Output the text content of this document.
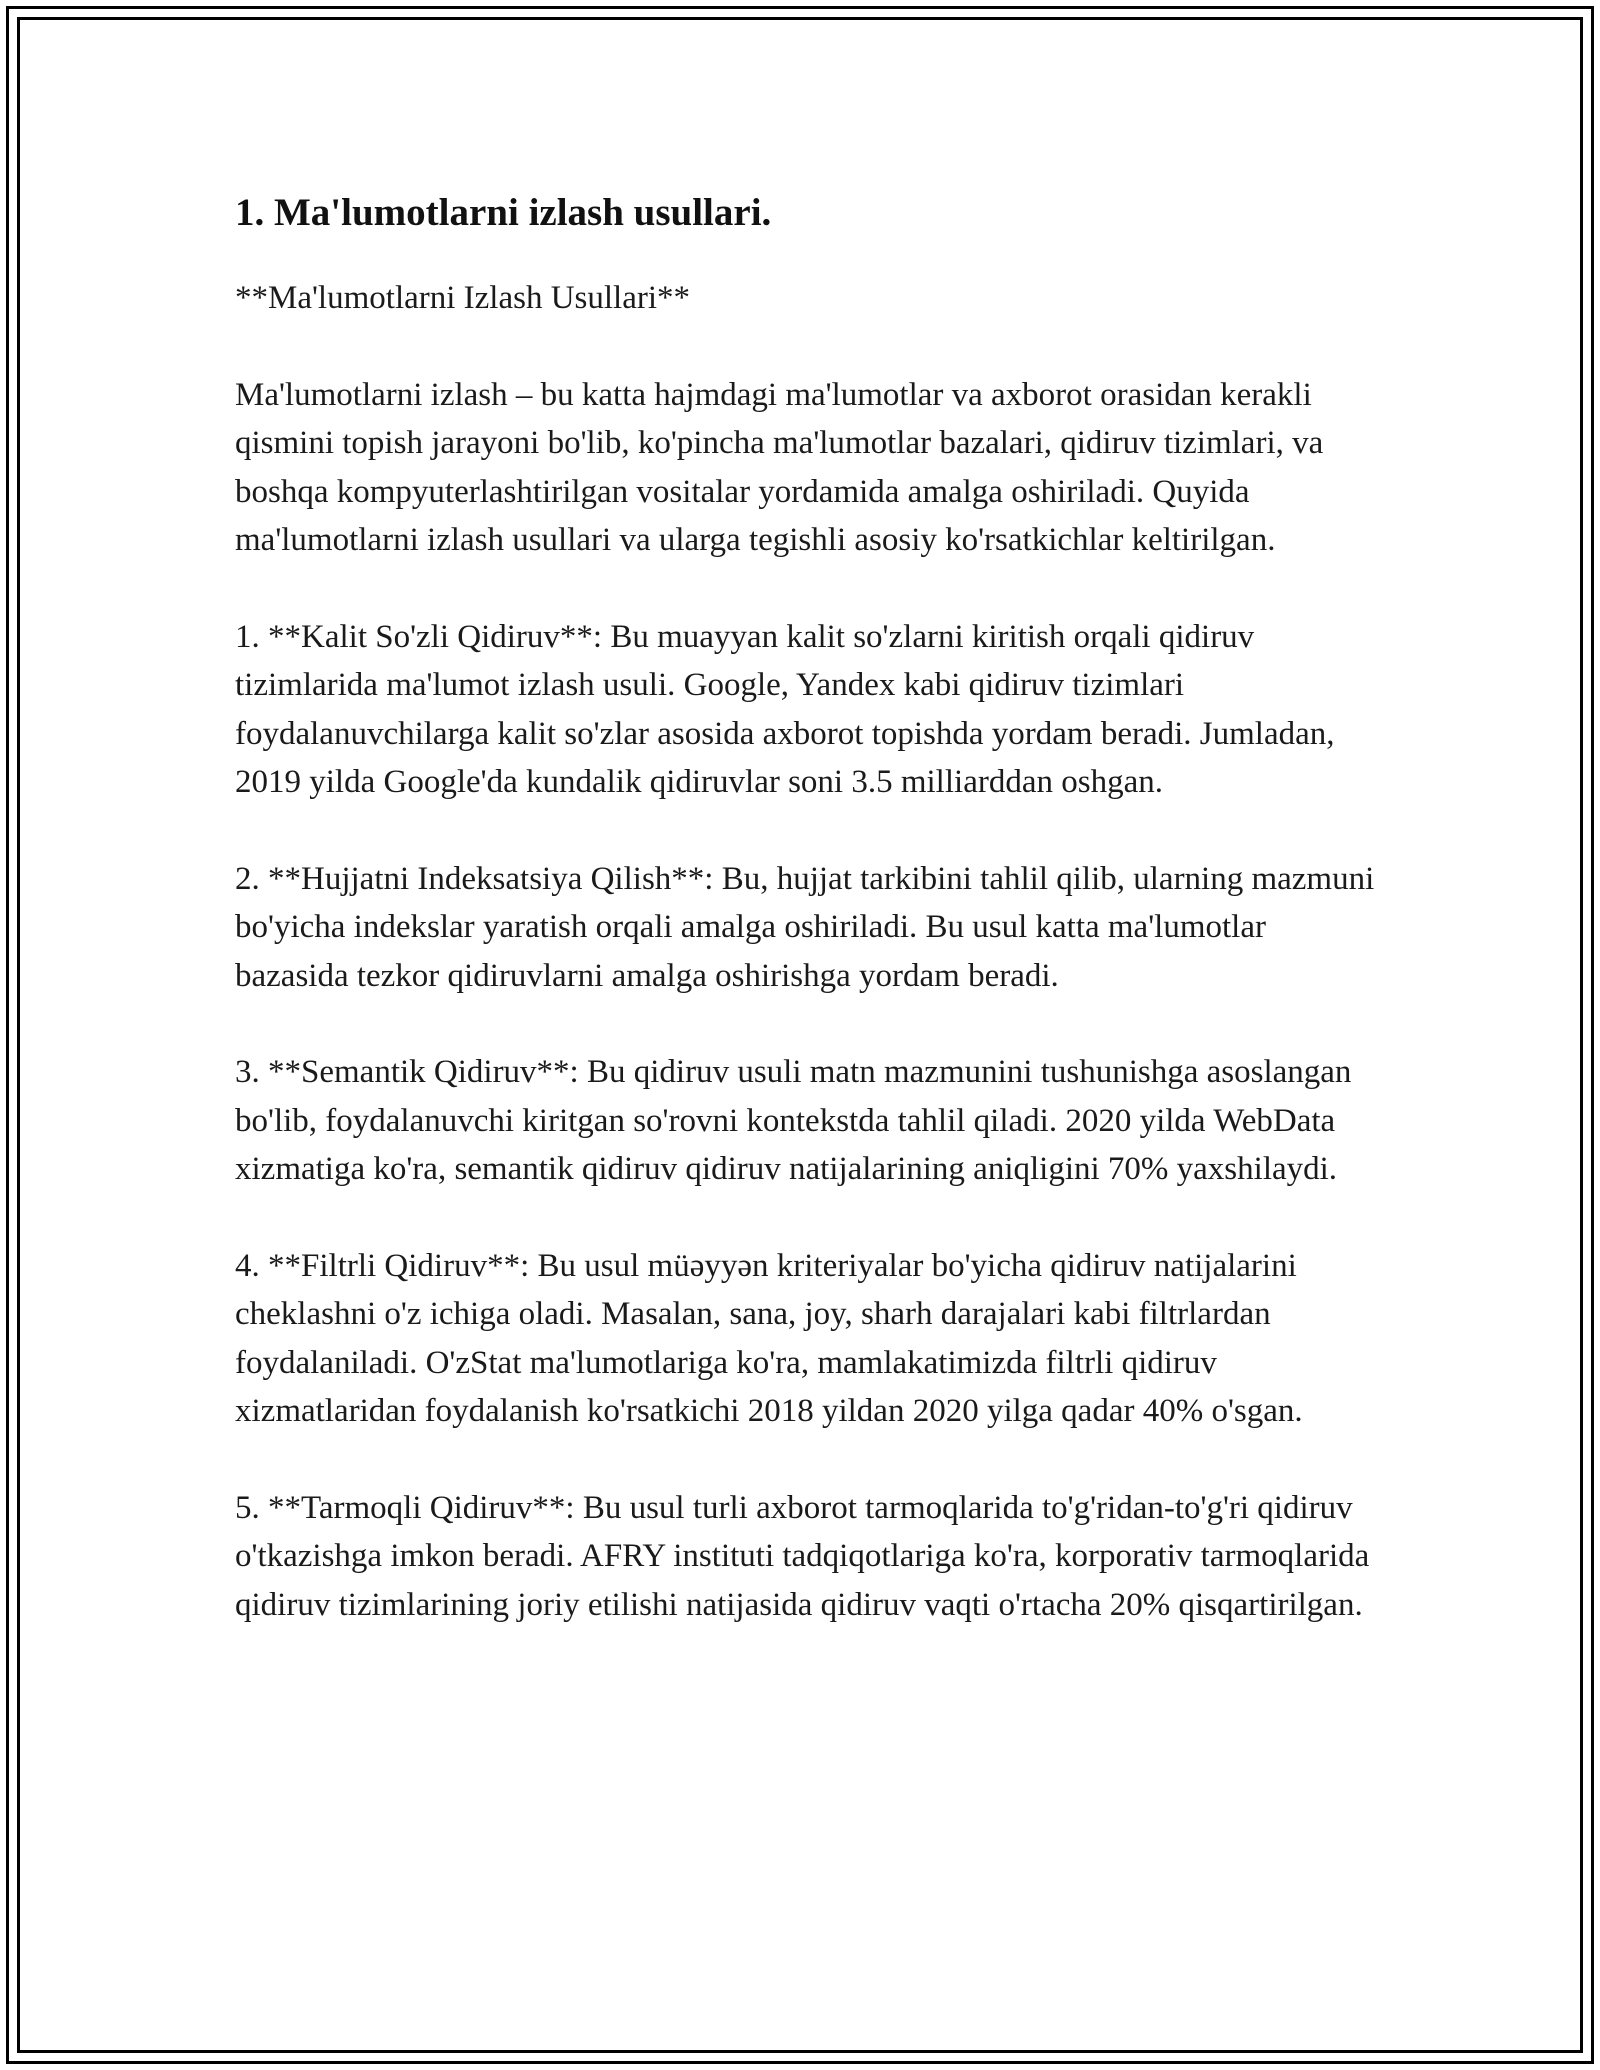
1. Ma'lumotlarni izlash usullari.

**Ma'lumotlarni Izlash Usullari**

Ma'lumotlarni izlash – bu katta hajmdagi ma'lumotlar va axborot orasidan kerakli qismini topish jarayoni bo'lib, ko'pincha ma'lumotlar bazalari, qidiruv tizimlari, va boshqa kompyuterlashtirilgan vositalar yordamida amalga oshiriladi. Quyida ma'lumotlarni izlash usullari va ularga tegishli asosiy ko'rsatkichlar keltirilgan.

1. **Kalit So'zli Qidiruv**: Bu muayyan kalit so'zlarni kiritish orqali qidiruv tizimlarida ma'lumot izlash usuli. Google, Yandex kabi qidiruv tizimlari foydalanuvchilarga kalit so'zlar asosida axborot topishda yordam beradi. Jumladan, 2019 yilda Google'da kundalik qidiruvlar soni 3.5 milliarddan oshgan.

2. **Hujjatni Indeksatsiya Qilish**: Bu, hujjat tarkibini tahlil qilib, ularning mazmuni bo'yicha indekslar yaratish orqali amalga oshiriladi. Bu usul katta ma'lumotlar bazasida tezkor qidiruvlarni amalga oshirishga yordam beradi.

3. **Semantik Qidiruv**: Bu qidiruv usuli matn mazmunini tushunishga asoslangan bo'lib, foydalanuvchi kiritgan so'rovni kontekstda tahlil qiladi. 2020 yilda WebData xizmatiga ko'ra, semantik qidiruv qidiruv natijalarining aniqligini 70% yaxshilaydi.

4. **Filtrli Qidiruv**: Bu usul müəyyən kriteriyalar bo'yicha qidiruv natijalarini cheklashni o'z ichiga oladi. Masalan, sana, joy, sharh darajalari kabi filtrlardan foydalaniladi. O'zStat ma'lumotlariga ko'ra, mamlakatimizda filtrli qidiruv xizmatlaridan foydalanish ko'rsatkichi 2018 yildan 2020 yilga qadar 40% o'sgan.

5. **Tarmoqli Qidiruv**: Bu usul turli axborot tarmoqlarida to'g'ridan-to'g'ri qidiruv o'tkazishga imkon beradi. AFRY instituti tadqiqotlariga ko'ra, korporativ tarmoqlarida qidiruv tizimlarining joriy etilishi natijasida qidiruv vaqti o'rtacha 20% qisqartirilgan.
